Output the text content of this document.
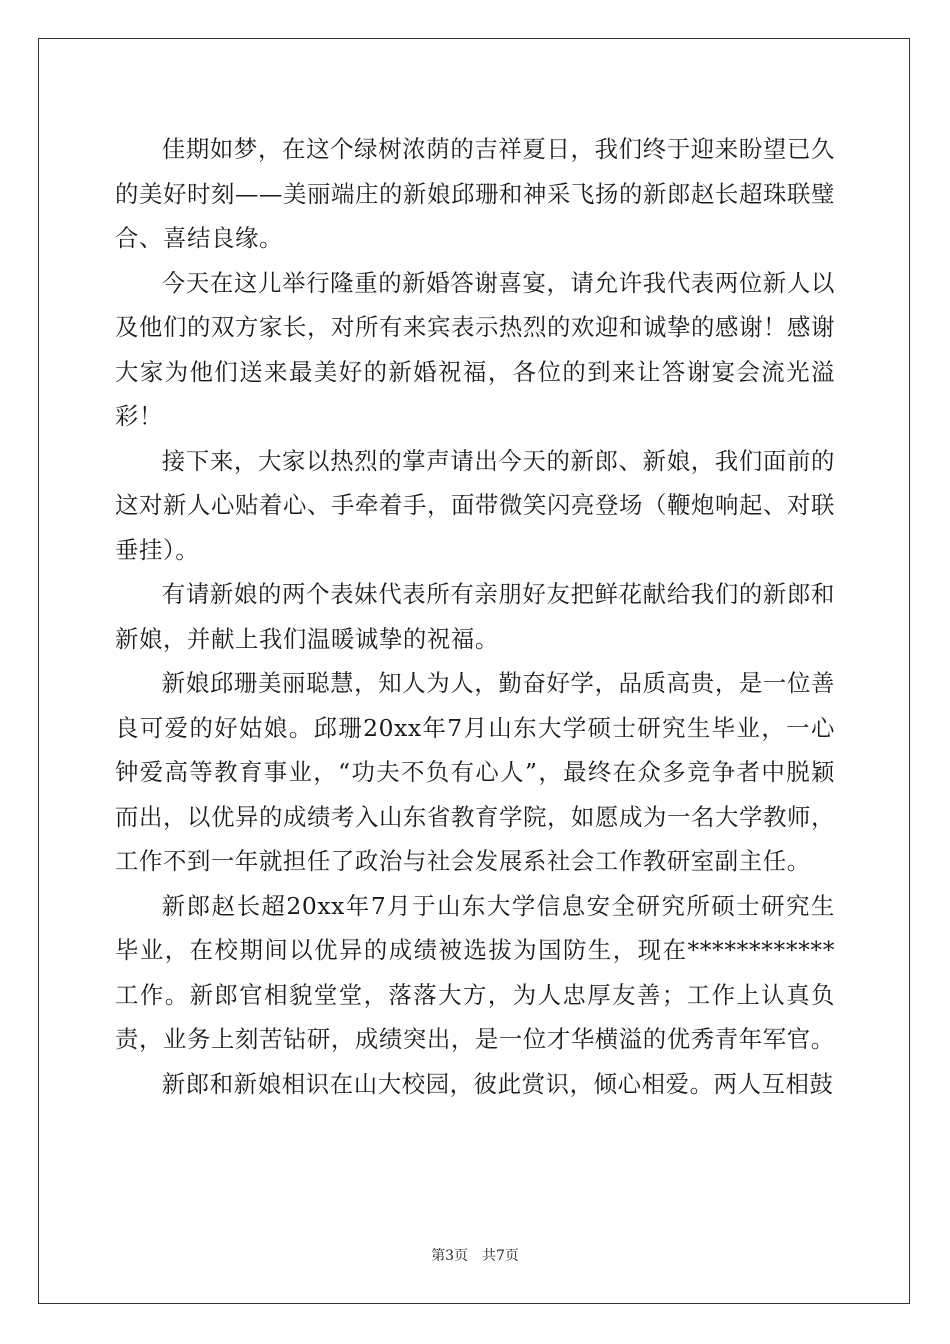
佳期如梦，在这个绿树浓荫的吉祥夏日，我们终于迎来盼望已久的美好时刻——美丽端庄的新娘邱珊和神采飞扬的新郎赵长超珠联璧合、喜结良缘。

今天在这儿举行隆重的新婚答谢喜宴，请允许我代表两位新人以及他们的双方家长，对所有来宾表示热烈的欢迎和诚挚的感谢！感谢大家为他们送来最美好的新婚祝福，各位的到来让答谢宴会流光溢彩！

接下来，大家以热烈的掌声请出今天的新郎、新娘，我们面前的这对新人心贴着心、手牵着手，面带微笑闪亮登场（鞭炮响起、对联垂挂）。

有请新娘的两个表妹代表所有亲朋好友把鲜花献给我们的新郎和新娘，并献上我们温暖诚挚的祝福。

新娘邱珊美丽聪慧，知人为人，勤奋好学，品质高贵，是一位善良可爱的好姑娘。邱珊20xx年7月山东大学硕士研究生毕业，一心钟爱高等教育事业，“功夫不负有心人”，最终在众多竞争者中脱颖而出，以优异的成绩考入山东省教育学院，如愿成为一名大学教师，工作不到一年就担任了政治与社会发展系社会工作教研室副主任。

新郎赵长超20xx年7月于山东大学信息安全研究所硕士研究生毕业，在校期间以优异的成绩被选拔为国防生，现在************工作。新郎官相貌堂堂，落落大方，为人忠厚友善；工作上认真负责，业务上刻苦钻研，成绩突出，是一位才华横溢的优秀青年军官。

新郎和新娘相识在山大校园，彼此赏识，倾心相爱。两人互相鼓

第3页　共7页
